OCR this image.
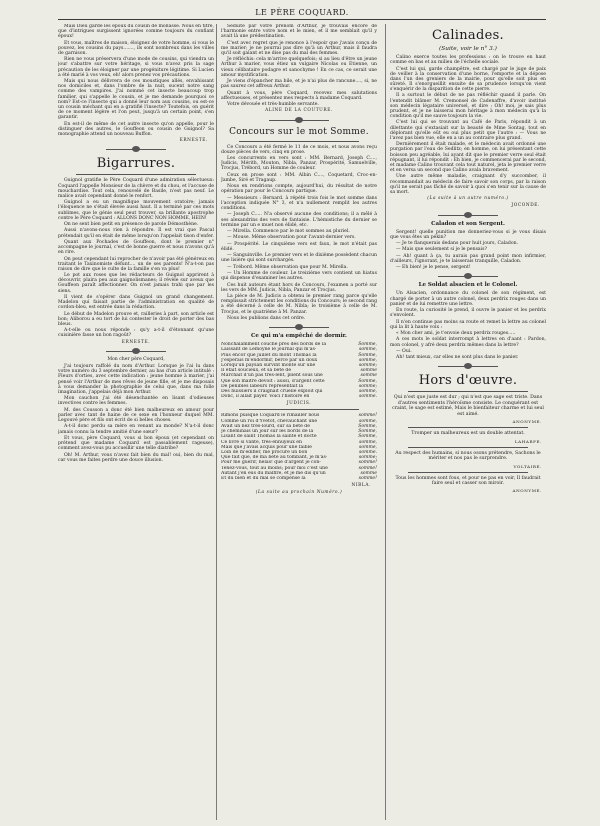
LE PÈRE COQUARD.

Mais Dieu garde les époux du cousin de mollasse. Nous en titre, que d'intrigues surgissent ignorées comme toujours du confiant époux!

Et vous, maîtres de maison, éloignez de votre homme, si vous le pouvez, les cousins du pays......., ils sont nombreux dans les villes de garnison.

Rien ne vous préservera d'une mode de cousins, qui viendra un jour s'abattre sur votre héritage, si vous n'avez pris la sage précaution de les éloigner par une progéniture légitime. Si Lucien a été marié à vos veux, eh! alors prenez vos précautions.

Mais qui nous délivrera de ces moustiques allés, envahissant nos domiciles et, dans l'ombre de la nuit, sucent notre sang comme des vampires. J'ai nommé cet insecte beaucoup trop familier, qui s'appelle le cousin, et je me demande pourquoi ce nom? Est-ce l'insecte qui a donné leur nom aux cousins, ou est-ce un cousin méchant qui en a gratifié l'insecte? Toutefois, on guérit de ce moment légère et l'on peut, jusqu'à un certain point, s'en garantir.

En est-il de même de cet autre insecte qu'on appelle, pour le distinguer des autres, le Gouffeon ou cousin de Guignol? Sa monographie attend un nouveau Buffon.

ERNESTE.
Bigarrures.

Guignol gratifie le Père Coquard d'une admiration sélectueux: Coquard l'appelle Monsieur de la chèvre et du chou, et l'accuse de mouchardise. Tout cela, renouvelé de Basile, n'est pas neuf. Le malice avait cependant donné le renfort.

Guignol a eu un magnifique mouvement oratoire; jamais l'éloquence ne s'était élevée aussi haut. Il a terminé par ces mots sublimes, que le génie seul peut trouver, sa brillante apostrophe contre le Père Coquard : ALLONS DONC NON HOMME, HEIN!

On ne sent bien petit en présence de parole Démosthène.

Aussi n'avons-nous rien à répondre. Il est vrai que Pascal prétendait qu'il en était de même lorsqu'on l'appelait tison d'enfer.

Quant aux Pochades de Gouffeon, dont le premier n° accompagne le journal, c'est de bonne guerre et nous n'avons qu'à en rire.

On peut cependant lui reprocher de n'avoir pas été généreux en traitant le Taxinomiste défunt.... un de ses parents! N'a-t-on pas raison de dire que le culte de la famille s'en va plus!

Le pot aux roses que les rédacteurs de Guignol apprirent à découvrir, plaira peu aux gaignolismanes; il révèle sur aveux que Gouffeon paraît affectionner. On n'est jamais trahi que par les siens.

Il vient de s'opérer dans Guignol un grand changement. Madelon qui faisait partie de l'administration en qualité de cordon-bleu, est entrée dans la rédaction.

Le début de Madelon prouve et, railleries à part, son article est bon; Aliborou a eu tort de lui contester le droit de porter des bas bleus.

A-t-elle ou nous réponde : qu'y a-t-il d'étonnant qu'une cuisinière fasse un bon ragoût?

ERNESTE.

Mon cher père Coquard,

J'ai toujours raffolé du nom d'Arthur. Lorsque je l'ai lu dans votre numéro du 3 septembre dernier, au bas d'un article intitulé : Fleurs d'orties, avec cette indication : jeune homme à marier, j'ai pensé voir l'Arthur de mes rêves de jeune fille, et je me disposais à vous demander la photographie de celui que, dans ma folle imagination, j'appelais déjà mon Arthur.

Mon cauchon j'ai été désenchantée en lisant d'odieuses invectives contre les femmes.

M. des Cousson a donc été bien malheureux en amour pour parler avec tant de haine de ce sexe en l'honneur duquel MM. Legouvé père et fils ont écrit de si belles choses.

A-t-il donc perdu sa mère en venant au monde? N'a-t-il donc jamais connu la tendre amitié d'une sœur?

Et vous, père Coquard, vous si bon époux (et cependant on prétend que madame Coquard est passablement rageuse), comment avez-vous pu accueillir une telle diatribe?

Oh! M. Arthur, vous n'avez fait bien du mal! oui, bien du mal, car vous me faites perdre une douce illusion.

Séduite par votre prénom d'Arthur, je trouvais encore de l'harmonie entre votre nom et le mien, et il me semblait qu'il y avait là une prédestination.

C'est avec regret que je renonce à l'espoir que j'avais conçu de me marier; je ne pourrai pas dire qu'à un Arthur, mais il faudra qu'il soit galant et ne dise pas du mal des femmes.

Je réfléchis: cela m'arrive quelquefois; si au lieu d'être un jeune Arthur à marier, vous étiez un vulgaire Nicolas ou Etienne, un vieux célibataire podagre et sanochyme ! En ce cas, ce serait une amour mystification.

Je viens d'épancher ma bile, et je n'ai plus de rancune...., si, ne pas saurez cet affreux Arthur.

Quant à vous, père Coquard, recevez mes salutations affectueuses, et présentez mes respects à madame Coquard.

Votre dévouée et très-humble servante.

ALINE DE LA COUTURE.
Concours sur le mot Somme.

Ce Concours a été fermé le 11 de ce mois, et nous avons reçu douze pièces de vers, cinq en prose.

Les concurrents en vers sont : MM. Bernard, Joseph C...., Judicis, Mérith, Mouton, Nibla, Panzar, Prospérité, Samuelville, Trocjus, Trébord, un Homme de couleur.

Ceux en prose sont : MM. Albin C...., Coquetard, Croc-en-Jambe, Siré et Tragaup.

Nous en rendrions compte, aujourd'hui, du résultat de notre opération par pour le Concours partique.

— Messieurs : Bernard. à répété trois fois le mot somme dans l'acception indiquée N° 3, et n'a nullement remplit les autres conditions.

— Joseph C..... N'a observé aucune des conditions; il a mêlé à ses alexandrins des vers de fantaisie. L'hémistiche du dernier se termine par un e muet non élidé, etc.

— Mirella. Commence par le mot sommes au pluriel.

— Mouse. Même observation pour l'avant-dernier vers.

— Prospérité. Le cinquième vers est faux, le mot n'était pas élidé.

— Sanguinville. Le premier vers et le dixième possèdent chacun une lisière qui sont surchargés.

— Trébord. Même observation que pour M. Mirella.

— Un Homme de couleur. Le treizième vers contient un hiatus qui dispense d'examiner les autres.

Ces huit auteurs étant hors de Concours, l'examen a porté sur les vers de MM. Judicis, Nibla, Panzar et Trocjus.

La pièce de M. Judicis a obtenu le premier rang parce qu'elle remplissait strictement les conditions du Concours; le second rang a été décerné à celle de M. Nibla; le troisième à celle de M. Trocjus, et le quatrième à M. Panzar.

Nous les publions dans cet ordre.

Ce qui m'a empêché de dormir.
Nonchalamment couché près des bords de la	Somme,
Laissant de Lémoyne le journal qui m'as-	somme,
Plus encor que juillet du mont Thomas la	Somme,
J'espérais m'endormir, bercé par un doux	somme,
Lorsqu'un paysan survint monté sur une	somme;
Il était soucieux, et sa bête de	somme
Marchait d'un pas très-lent, plient sous une	somme
Que son maître devoit : aussi, d'argent cette	Somme,
De pénibles labeurs représentait la	somme;
Des huissiers il craignait cruelle exploit qui	somme,
Donc, il allait payer. Voici l'histoire en	somme.
JUDICIS.
Rimons puisque Coquard le rimailler nous	somme!
Comme un roi d'Yvetot, chevauchant une	somme,
Avait un nez très-lourd, sur sa bête de	Somme,
Je cheminais un jour sur les bords de la	Somme,
Lisant de saint Thomas la sainte et docte	Somme,
Ce livre si vanté, très-ennuyeux en	somme,
Mais que j'avais acquis pour une faible	somme,
Loin de m'édifier, me procure un bon	somme.
Que fait que, de ma bête au tombant, je m'as-	somme;
Pour me guérir, hélas! que d'argent je con-	somme!
Tenez-vous, tout au moins; pour moi c'est une	somme!
Autant j'en eus du malfire, et je me dis qu'un	somme
Et du bien et du mal se compense la	somme!
NIBLA.
(La suite au prochain Numéro.)
Calinades.
(Suite, voir le n° 3.)

Calino exerce toutes les professions : on le trouve en haut comme en bas et au milieu de l'échelle sociale.

C'est lui qui, garde champêtre, est chargé par le juge de paix de veiller à la conservation d'une borne, l'emporte et la dépose dans l'un des greniers de la mairie, pour qu'elle soit plus en sûreté. Il s'enorgueillit ensuite de sa prudence lorsqu'on vient s'enquérir de la disparition de cette pierre.

Il a surtout le début de ne pas réfléchir quand il parle. On l'entendit blâmer M. Cremonsel de Cadenaffre, d'avoir institué son médecin légataire universel, et dire : Oh! moi, je sais plus prudent, et je ne laisserai mon héritage à mon médecin qu'à la condition qu'il me sauve toujours la vie.

C'est lui qui se trouvant au Café de Paris, répondit à un dilettante qui s'extasiait sur la beauté de Mme Sontag, tout en déplorant qu'elle eût eu oui plus petit que l'autre : — Vous ne l'avez pas bien vue, elle en a un au contraire plus grand.

Dernièrement il était malade, et le médecin avait ordonné une purgation par l'eau de Sedlitz; en homme, on lui présentant cette boisson peu agréable, lui ayant dit que le premier verre seul était répugnant, il lui répondit : Eh bien, je commencerai par le second, et madame Calino trouvant cela tout naturel, jeta le premier verre et en versa un second que Calino avala bravement.

Une autre même maladie, craignant d'y succomber, il recommandait au médecin de faire savoir son corps, par la raison qu'il ne serait pas fâché de savoir à quoi s'en tenir sur la cause de sa mort.

(La suite à un autre numéro.)
JOCONDE.
Caladon et son Sergent.

Sergent! quelle punition me donneriez-vous si je vous disais que vous êtes un pékin?

— Je te flanquerais dedans pour huit jours, Caladon.

— Mais que seulement si je le pensais?

— Ah! quant à ça, tu aurais pas grand point mon infirmier, d'ailleurs, l'ignorant, je te laisserais tranquille, Caladon.

— Eh bien! je le pense, sergent!

Le Soldat alsacien et le Colonel.

Un Alsacien, ordonnance du colonel de son régiment, est chargé de porter à un autre colonel, deux perdrix rouges dans un panier et de lui remettre une lettre.

En route, la curiosité le prend, il ouvre le panier et les perdrix s'envolent.

Il n'en continue pas moins sa route et remet la lettre au colonel qui la lit à haute voix :

« Mon cher ami, je t'envoie deux perdrix rouges.....

A ces mots le soldat interrompt à lettres en d'aant : Pardon, mon colonel, y afré deux perdrix mêmes dans la lettre?

— Oui.

Ah! tant mieux, car elles ne sont plus dans le panier.

Hors d'œuvre.
Qui n'est que juste est dur ; qui n'est que sage est triste. Dans d'autres sentiments l'héroïsme consiste. Le conquérant est craint, le sage est estimé, Mais le bienfaiteur charme et lui seul est aimé.
ANONYME.
Tromper un malheureux est un double attentat.
LAHARPE.
Au respect des humains, si nous osons prétendre, Sachons le mériter et nos pas le surprendre.
VOLTAIRE.
Tous les hommes sont fous, et pour ne pas en voir, Il faudrait faire seul et casser son miroir.
ANONYME.
